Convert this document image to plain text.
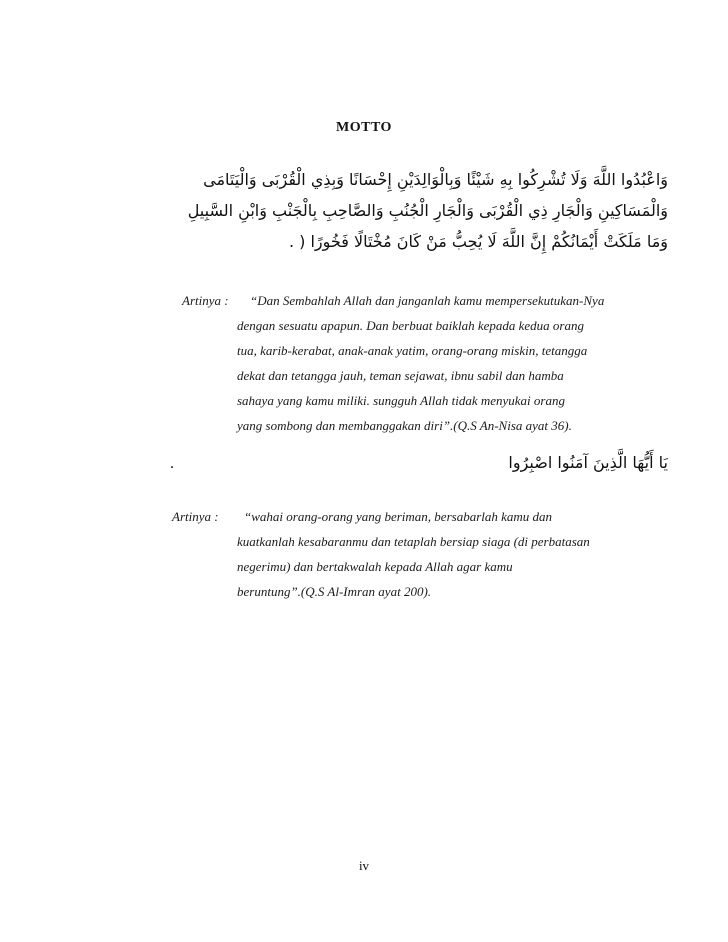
MOTTO
وَاعْبُدُوا اللَّهَ وَلَا تُشْرِكُوا بِهِ شَيْئًا وَبِالْوَالِدَيْنِ إِحْسَانًا وَبِذِي الْقُرْبَى وَالْيَتَامَى
وَالْمَسَاكِينِ وَالْجَارِ ذِي الْقُرْبَى وَالْجَارِ الْجُنُبِ وَالصَّاحِبِ بِالْجَنْبِ وَابْنِ السَّبِيلِ
وَمَا مَلَكَتْ أَيْمَانُكُمْ إِنَّ اللَّهَ لَا يُحِبُّ مَنْ كَانَ مُخْتَالًا فَخُورًا ( .
Artinya : “Dan Sembahlah Allah dan janganlah kamu mempersekutukan-Nya
dengan sesuatu apapun. Dan berbuat baiklah kepada kedua orang
tua, karib-kerabat, anak-anak yatim, orang-orang miskin, tetangga
dekat dan tetangga jauh, teman sejawat, ibnu sabil dan hamba
sahaya yang kamu miliki. sungguh Allah tidak menyukai orang
yang sombong dan membanggakan diri”.(Q.S An-Nisa ayat 36).
.	يَا أَيُّهَا الَّذِينَ آمَنُوا اصْبِرُوا
Artinya : “wahai orang-orang yang beriman, bersabarlah kamu dan
kuatkanlah kesabaranmu dan tetaplah bersiap siaga (di perbatasan
negerimu) dan bertakwalah kepada Allah agar kamu
beruntung”.(Q.S Al-Imran ayat 200).
iv
